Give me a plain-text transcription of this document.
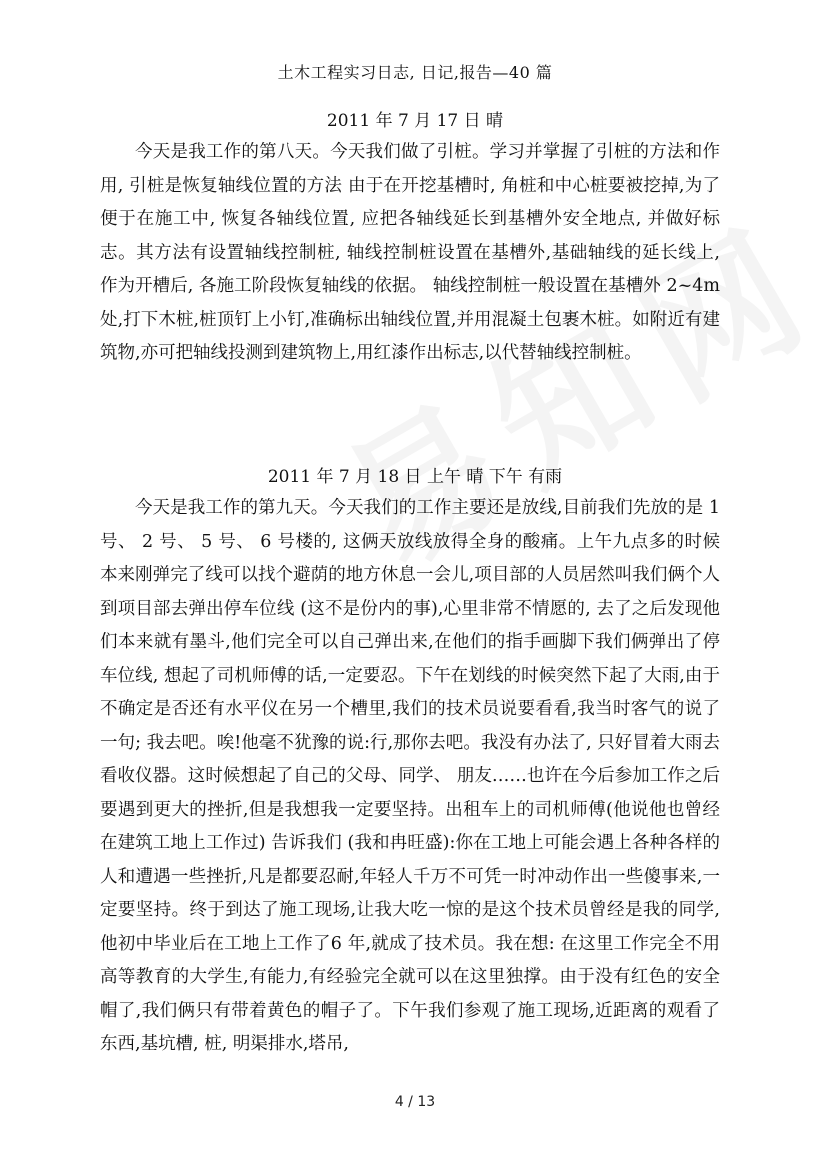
土木工程实习日志, 日记,报告—40 篇
2011 年 7 月 17 日 晴

今天是我工作的第八天。今天我们做了引桩。学习并掌握了引桩的方法和作用, 引桩是恢复轴线位置的方法 由于在开挖基槽时, 角桩和中心桩要被挖掉,为了便于在施工中, 恢复各轴线位置, 应把各轴线延长到基槽外安全地点, 并做好标志。其方法有设置轴线控制桩, 轴线控制桩设置在基槽外,基础轴线的延长线上, 作为开槽后, 各施工阶段恢复轴线的依据。 轴线控制桩一般设置在基槽外 2~4m 处,打下木桩,桩顶钉上小钉,准确标出轴线位置,并用混凝土包裹木桩。如附近有建筑物,亦可把轴线投测到建筑物上,用红漆作出标志,以代替轴线控制桩。

2011 年 7 月 18 日 上午 晴 下午 有雨

今天是我工作的第九天。今天我们的工作主要还是放线,目前我们先放的是 1 号、 2 号、 5 号、 6 号楼的, 这俩天放线放得全身的酸痛。上午九点多的时候本来刚弹完了线可以找个避荫的地方休息一会儿,项目部的人员居然叫我们俩个人到项目部去弹出停车位线 (这不是份内的事),心里非常不情愿的, 去了之后发现他们本来就有墨斗,他们完全可以自己弹出来,在他们的指手画脚下我们俩弹出了停车位线, 想起了司机师傅的话,一定要忍。下午在划线的时候突然下起了大雨,由于不确定是否还有水平仪在另一个槽里,我们的技术员说要看看,我当时客气的说了一句; 我去吧。唉!他毫不犹豫的说:行,那你去吧。我没有办法了, 只好冒着大雨去看收仪器。这时候想起了自己的父母、同学、 朋友……也许在今后参加工作之后要遇到更大的挫折,但是我想我一定要坚持。出租车上的司机师傅(他说他也曾经在建筑工地上工作过) 告诉我们 (我和冉旺盛):你在工地上可能会遇上各种各样的人和遭遇一些挫折,凡是都要忍耐,年轻人千万不可凭一时冲动作出一些傻事来,一定要坚持。终于到达了施工现场,让我大吃一惊的是这个技术员曾经是我的同学,他初中毕业后在工地上工作了6 年,就成了技术员。我在想: 在这里工作完全不用高等教育的大学生,有能力,有经验完全就可以在这里独撑。由于没有红色的安全帽了,我们俩只有带着黄色的帽子了。下午我们参观了施工现场,近距离的观看了东西,基坑槽, 桩, 明渠排水,塔吊,

4 / 13
